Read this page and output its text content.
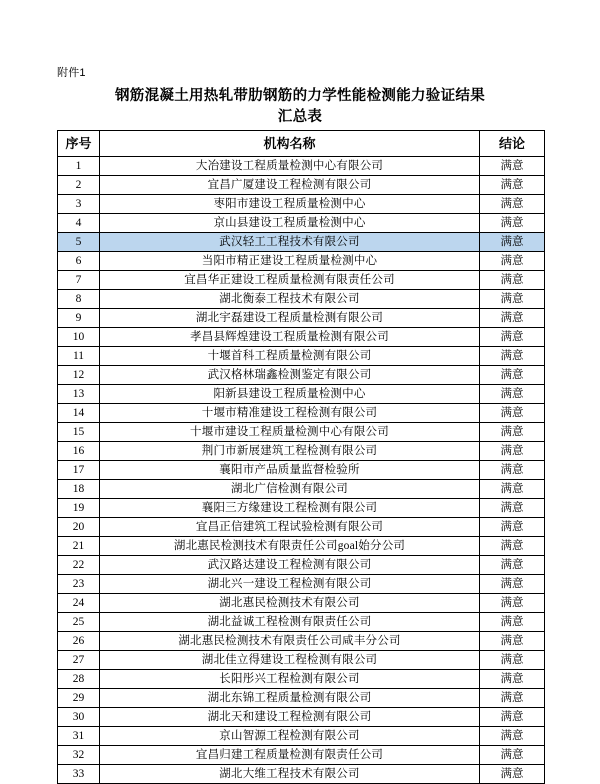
附件1
钢筋混凝土用热轧带肋钢筋的力学性能检测能力验证结果
汇总表
序号	机构名称	结论
1	大冶建设工程质量检测中心有限公司	满意
2	宜昌广厦建设工程检测有限公司	满意
3	枣阳市建设工程质量检测中心	满意
4	京山县建设工程质量检测中心	满意
5	武汉轻工工程技术有限公司	满意
6	当阳市精正建设工程质量检测中心	满意
7	宜昌华正建设工程质量检测有限责任公司	满意
8	湖北衡泰工程技术有限公司	满意
9	湖北宇磊建设工程质量检测有限公司	满意
10	孝昌县辉煌建设工程质量检测有限公司	满意
11	十堰首科工程质量检测有限公司	满意
12	武汉格林瑞鑫检测鉴定有限公司	满意
13	阳新县建设工程质量检测中心	满意
14	十堰市精准建设工程检测有限公司	满意
15	十堰市建设工程质量检测中心有限公司	满意
16	荆门市新展建筑工程检测有限公司	满意
17	襄阳市产品质量监督检验所	满意
18	湖北广信检测有限公司	满意
19	襄阳三方缘建设工程检测有限公司	满意
20	宜昌正信建筑工程试验检测有限公司	满意
21	湖北惠民检测技术有限责任公司goal始分公司	满意
22	武汉路达建设工程检测有限公司	满意
23	湖北兴一建设工程检测有限公司	满意
24	湖北惠民检测技术有限公司	满意
25	湖北益诚工程检测有限责任公司	满意
26	湖北惠民检测技术有限责任公司咸丰分公司	满意
27	湖北佳立得建设工程检测有限公司	满意
28	长阳彤兴工程检测有限公司	满意
29	湖北东锦工程质量检测有限公司	满意
30	湖北天和建设工程检测有限公司	满意
31	京山智源工程检测有限公司	满意
32	宜昌归建工程质量检测有限责任公司	满意
33	湖北大维工程技术有限公司	满意
